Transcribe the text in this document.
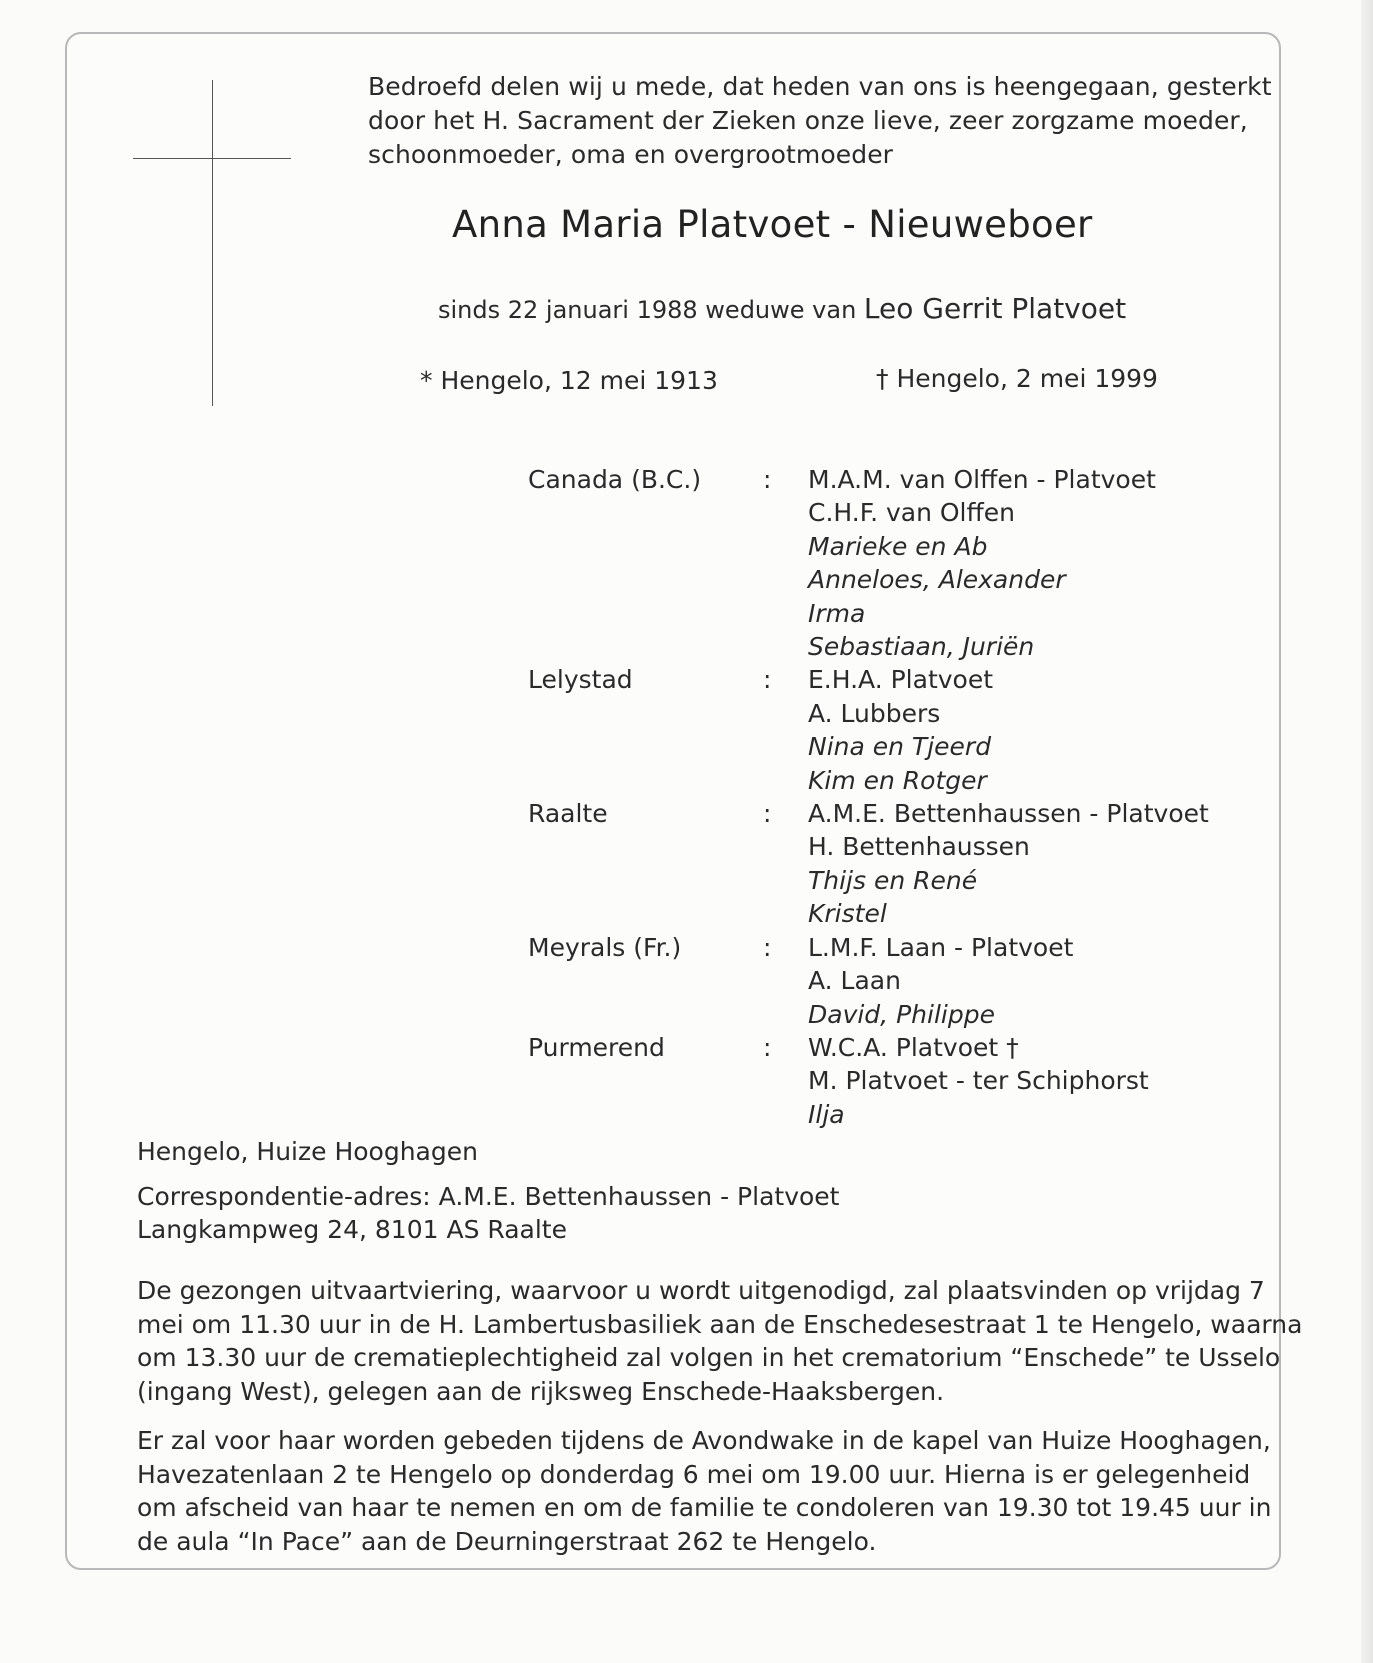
Bedroefd delen wij u mede, dat heden van ons is heengegaan, gesterkt
door het H. Sacrament der Zieken onze lieve, zeer zorgzame moeder,
schoonmoeder, oma en overgrootmoeder
Anna Maria Platvoet - Nieuweboer
sinds 22 januari 1988 weduwe van Leo Gerrit Platvoet
* Hengelo, 12 mei 1913	† Hengelo, 2 mei 1999
Canada (B.C.)	:	M.A.M. van Olffen - Platvoet
C.H.F. van Olffen
Marieke en Ab
Anneloes, Alexander
Irma
Sebastiaan, Juriën
Lelystad	:	E.H.A. Platvoet
A. Lubbers
Nina en Tjeerd
Kim en Rotger
Raalte	:	A.M.E. Bettenhaussen - Platvoet
H. Bettenhaussen
Thijs en René
Kristel
Meyrals (Fr.)	:	L.M.F. Laan - Platvoet
A. Laan
David, Philippe
Purmerend	:	W.C.A. Platvoet †
M. Platvoet - ter Schiphorst
Ilja
Hengelo, Huize Hooghagen
Correspondentie-adres: A.M.E. Bettenhaussen - Platvoet
Langkampweg 24, 8101 AS Raalte
De gezongen uitvaartviering, waarvoor u wordt uitgenodigd, zal plaatsvinden op vrijdag 7
mei om 11.30 uur in de H. Lambertusbasiliek aan de Enschedesestraat 1 te Hengelo, waarna
om 13.30 uur de crematieplechtigheid zal volgen in het crematorium “Enschede” te Usselo
(ingang West), gelegen aan de rijksweg Enschede-Haaksbergen.
Er zal voor haar worden gebeden tijdens de Avondwake in de kapel van Huize Hooghagen,
Havezatenlaan 2 te Hengelo op donderdag 6 mei om 19.00 uur. Hierna is er gelegenheid
om afscheid van haar te nemen en om de familie te condoleren van 19.30 tot 19.45 uur in
de aula “In Pace” aan de Deurningerstraat 262 te Hengelo.
